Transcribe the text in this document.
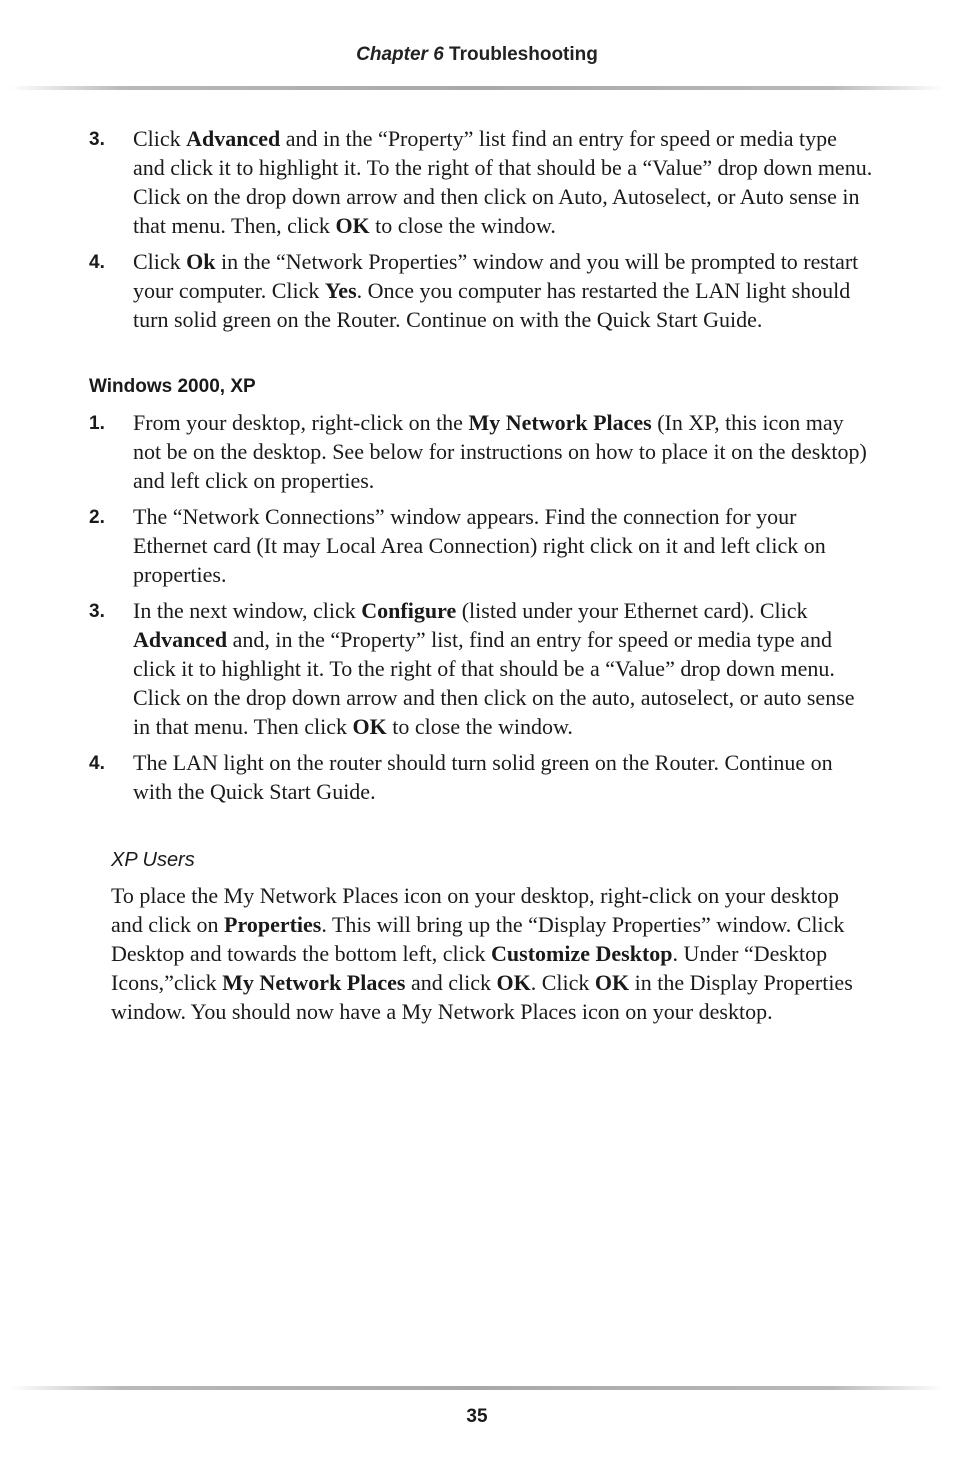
Chapter 6 Troubleshooting
3. Click Advanced and in the “Property” list find an entry for speed or media type and click it to highlight it. To the right of that should be a “Value” drop down menu. Click on the drop down arrow and then click on Auto, Autoselect, or Auto sense in that menu. Then, click OK to close the window.
4. Click Ok in the “Network Properties” window and you will be prompted to restart your computer. Click Yes. Once you computer has restarted the LAN light should turn solid green on the Router. Continue on with the Quick Start Guide.
Windows 2000, XP
1. From your desktop, right-click on the My Network Places (In XP, this icon may not be on the desktop. See below for instructions on how to place it on the desktop) and left click on properties.
2. The “Network Connections” window appears. Find the connection for your Ethernet card (It may Local Area Connection) right click on it and left click on properties.
3. In the next window, click Configure (listed under your Ethernet card). Click Advanced and, in the “Property” list, find an entry for speed or media type and click it to highlight it. To the right of that should be a “Value” drop down menu. Click on the drop down arrow and then click on the auto, autoselect, or auto sense in that menu. Then click OK to close the window.
4. The LAN light on the router should turn solid green on the Router. Continue on with the Quick Start Guide.
XP Users

To place the My Network Places icon on your desktop, right-click on your desktop and click on Properties. This will bring up the “Display Properties” window. Click Desktop and towards the bottom left, click Customize Desktop. Under “Desktop Icons,”click My Network Places and click OK. Click OK in the Display Properties window. You should now have a My Network Places icon on your desktop.

35
